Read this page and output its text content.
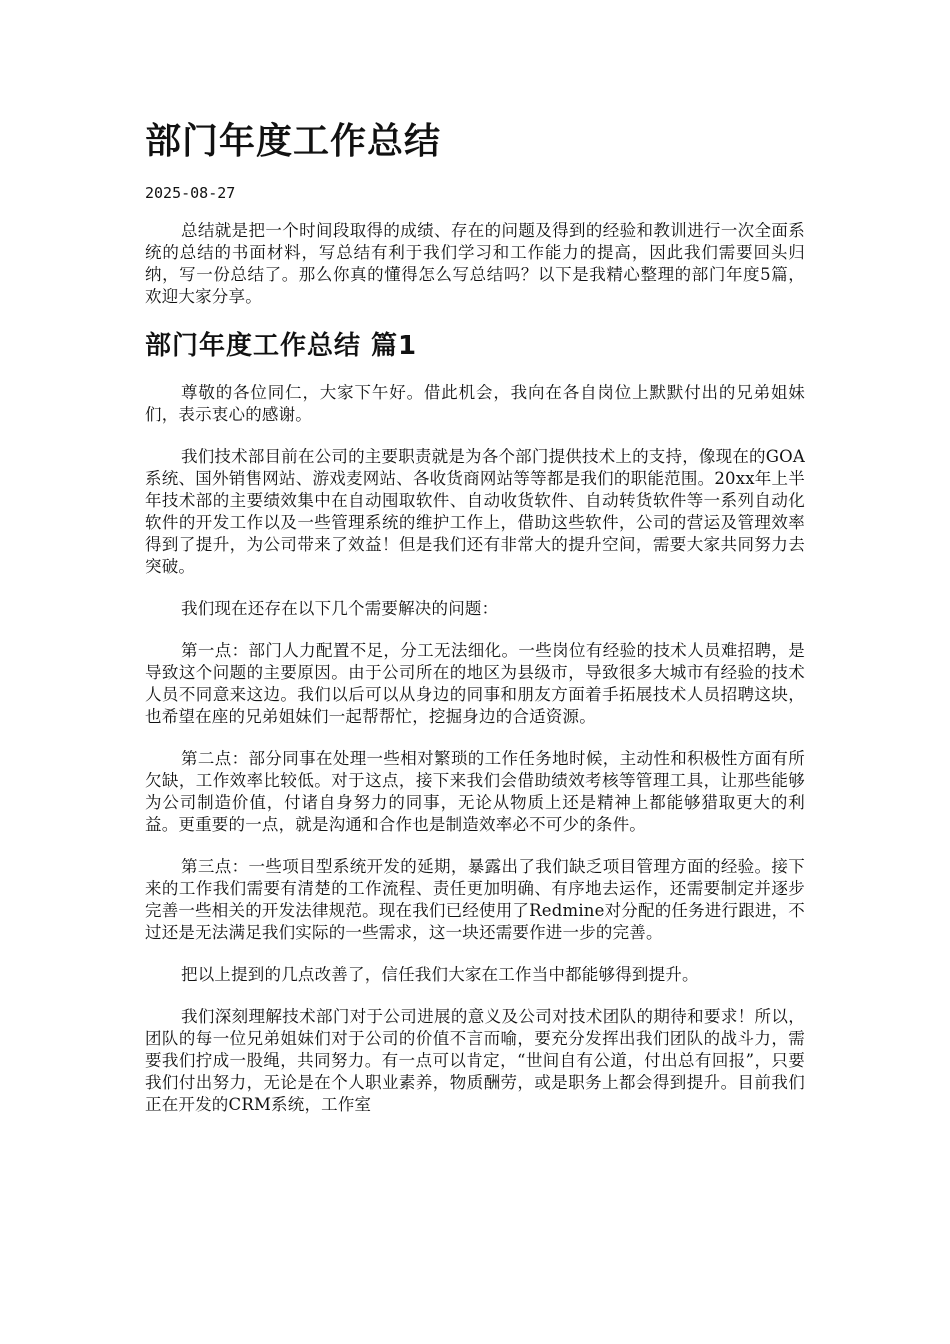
部门年度工作总结
2025-08-27

总结就是把一个时间段取得的成绩、存在的问题及得到的经验和教训进行一次全面系统的总结的书面材料，写总结有利于我们学习和工作能力的提高，因此我们需要回头归纳，写一份总结了。那么你真的懂得怎么写总结吗？以下是我精心整理的部门年度5篇，欢迎大家分享。

部门年度工作总结 篇1

尊敬的各位同仁，大家下午好。借此机会，我向在各自岗位上默默付出的兄弟姐妹们，表示衷心的感谢。

我们技术部目前在公司的主要职责就是为各个部门提供技术上的支持，像现在的GOA系统、国外销售网站、游戏麦网站、各收货商网站等等都是我们的职能范围。20xx年上半年技术部的主要绩效集中在自动囤取软件、自动收货软件、自动转货软件等一系列自动化软件的开发工作以及一些管理系统的维护工作上，借助这些软件，公司的营运及管理效率得到了提升，为公司带来了效益！但是我们还有非常大的提升空间，需要大家共同努力去突破。

我们现在还存在以下几个需要解决的问题：

第一点：部门人力配置不足，分工无法细化。一些岗位有经验的技术人员难招聘，是导致这个问题的主要原因。由于公司所在的地区为县级市，导致很多大城市有经验的技术人员不同意来这边。我们以后可以从身边的同事和朋友方面着手拓展技术人员招聘这块，也希望在座的兄弟姐妹们一起帮帮忙，挖掘身边的合适资源。

第二点：部分同事在处理一些相对繁琐的工作任务地时候，主动性和积极性方面有所欠缺，工作效率比较低。对于这点，接下来我们会借助绩效考核等管理工具，让那些能够为公司制造价值，付诸自身努力的同事，无论从物质上还是精神上都能够猎取更大的利益。更重要的一点，就是沟通和合作也是制造效率必不可少的条件。

第三点：一些项目型系统开发的延期，暴露出了我们缺乏项目管理方面的经验。接下来的工作我们需要有清楚的工作流程、责任更加明确、有序地去运作，还需要制定并逐步完善一些相关的开发法律规范。现在我们已经使用了Redmine对分配的任务进行跟进，不过还是无法满足我们实际的一些需求，这一块还需要作进一步的完善。

把以上提到的几点改善了，信任我们大家在工作当中都能够得到提升。

我们深刻理解技术部门对于公司进展的意义及公司对技术团队的期待和要求！所以，团队的每一位兄弟姐妹们对于公司的价值不言而喻，要充分发挥出我们团队的战斗力，需要我们拧成一股绳，共同努力。有一点可以肯定，“世间自有公道，付出总有回报”，只要我们付出努力，无论是在个人职业素养，物质酬劳，或是职务上都会得到提升。目前我们正在开发的CRM系统，工作室
